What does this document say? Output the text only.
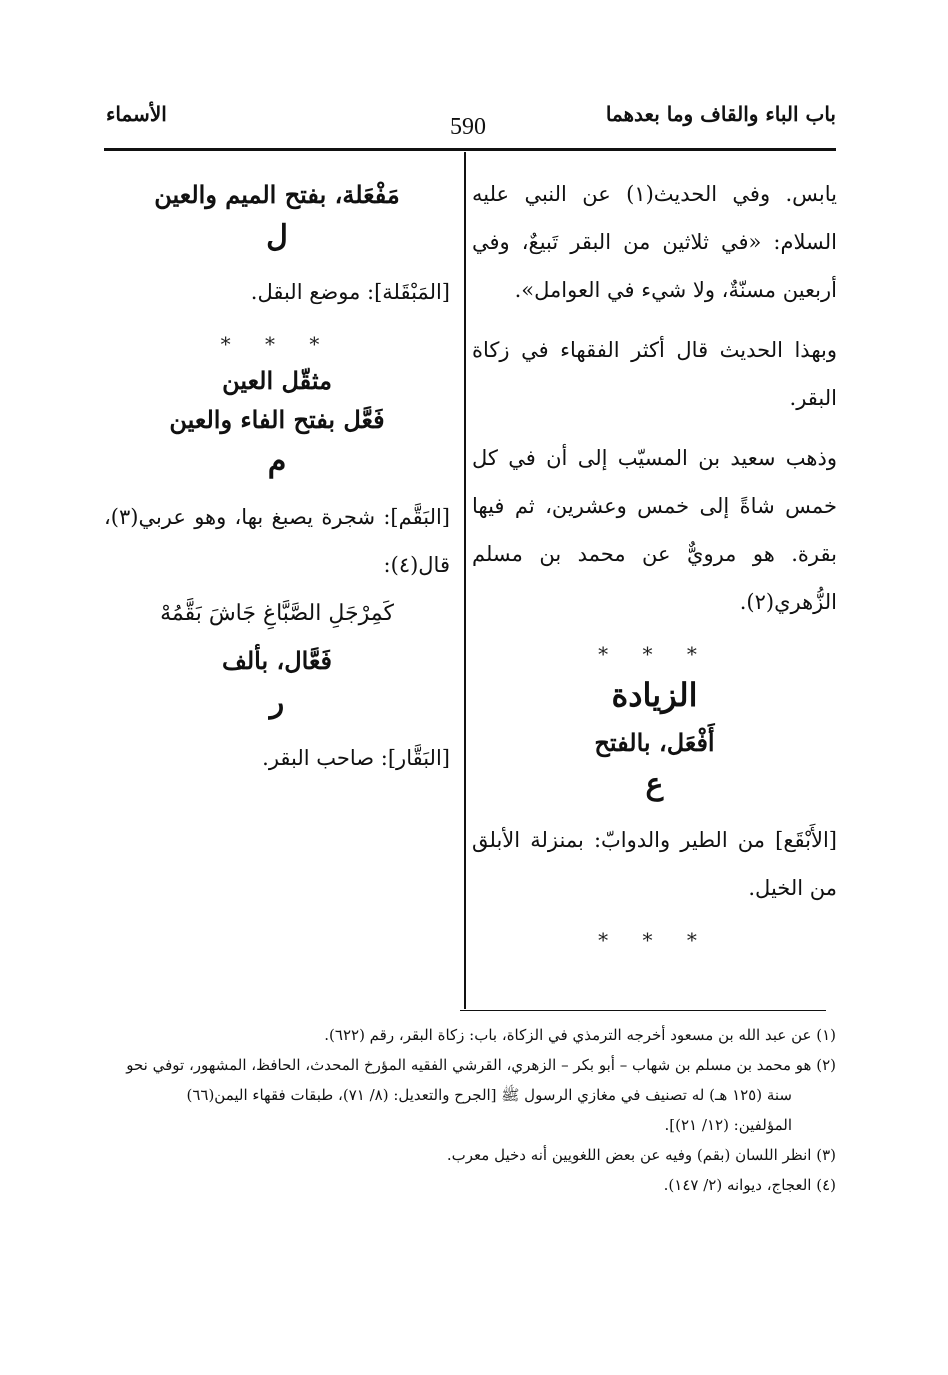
باب الباء والقاف وما بعدهما
590
الأسماء

يابس. وفي الحديث(١) عن النبي عليه السلام: «في ثلاثين من البقر تَبيعٌ، وفي أربعين مسنّةٌ، ولا شيء في العوامل».

وبهذا الحديث قال أكثر الفقهاء في زكاة البقر.

وذهب سعيد بن المسيّب إلى أن في كل خمس شاةً إلى خمس وعشرين، ثم فيها بقرة. هو مرويٌّ عن محمد بن مسلم الزُّهري(٢).

* * *
الزيادة
أَفْعَل، بالفتح
ع

[الأَبْقَع] من الطير والدوابّ: بمنزلة الأبلق من الخيل.

* * *
مَفْعَلة، بفتح الميم والعين
ل

[المَبْقَلة]: موضع البقل.

* * *
مثقّل العين
فَعَّل بفتح الفاء والعين
م

[البَقَّم]: شجرة يصبغ بها، وهو عربي(٣)، قال(٤):

كَمِرْجَلِ الصَّبَّاغِ جَاشَ بَقَّمُهْ
فَعَّال، بألف
ر

[البَقَّار]: صاحب البقر.

(١) عن عبد الله بن مسعود أخرجه الترمذي في الزكاة، باب: زكاة البقر، رقم (٦٢٢).

(٢) هو محمد بن مسلم بن شهاب – أبو بكر – الزهري، القرشي الفقيه المؤرخ المحدث، الحافظ، المشهور، توفي نحو

سنة (١٢٥ هـ) له تصنيف في مغازي الرسول ﷺ [الجرح والتعديل: (٨/ ٧١)، طبقات فقهاء اليمن(٦٦)

المؤلفين: (١٢/ ٢١)].

(٣) انظر اللسان (بقم) وفيه عن بعض اللغويين أنه دخيل معرب.

(٤) العجاج، ديوانه (٢/ ١٤٧).
